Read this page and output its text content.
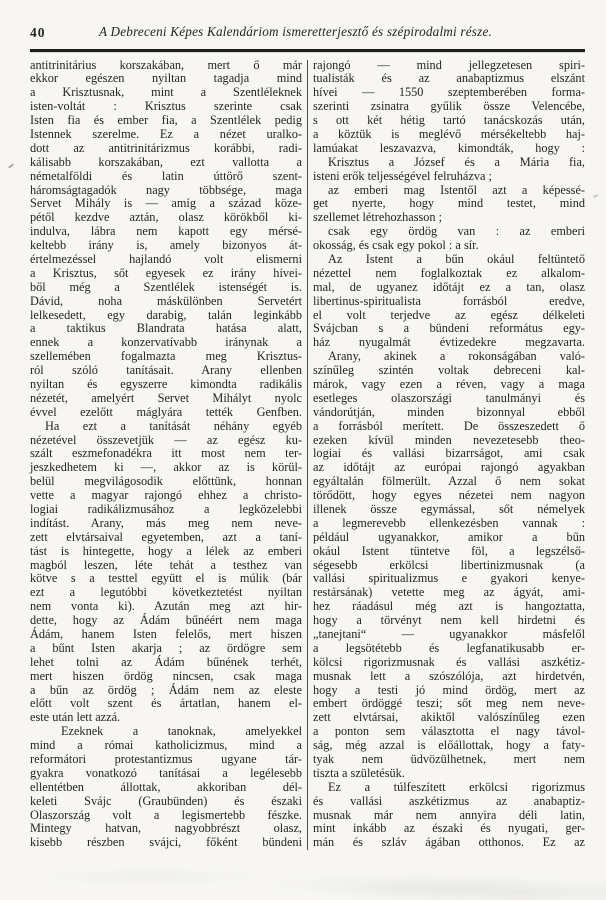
40	A Debreceni Képes Kalendáriom ismeretterjesztő és szépirodalmi része.
antitrinitárius korszakában, mert ő már
ekkor egészen nyiltan tagadja mind
a Krisztusnak, mint a Szentléleknek
isten-voltát : Krisztus szerinte csak
Isten fia és ember fia, a Szentlélek pedig
Istennek szerelme. Ez a nézet uralko-
dott az antitrinitárizmus korábbi, radi-
kálisabb korszakában, ezt vallotta a
németalföldi és latin úttörő szent-
háromságtagadók nagy többsége, maga
Servet Mihály is — amíg a század köze-
pétől kezdve aztán, olasz körökből ki-
indulva, lábra nem kapott egy mérsé-
keltebb irány is, amely bizonyos át-
értelmezéssel hajlandó volt elismerni
a Krisztus, sőt egyesek ez irány hívei-
ből még a Szentlélek istenségét is.
Dávid, noha máskülönben Servetért
lelkesedett, egy darabig, talán leginkább
a taktikus Blandrata hatása alatt,
ennek a konzervatívabb iránynak a
szellemében fogalmazta meg Krisztus-
ról szóló tanításait. Arany ellenben
nyiltan és egyszerre kimondta radikális
nézetét, amelyért Servet Mihályt nyolc
évvel ezelőtt máglyára tették Genfben.
Ha ezt a tanítását néhány egyéb
nézetével összevetjük — az egész ku-
szált eszmefonadékra itt most nem ter-
jeszkedhetem ki —, akkor az is körül-
belül megvilágosodik előttünk, honnan
vette a magyar rajongó ehhez a christo-
logiai radikálizmusához a legközelebbi
indítást. Arany, más meg nem neve-
zett elvtársaival egyetemben, azt a taní-
tást is hintegette, hogy a lélek az emberi
magból leszen, léte tehát a testhez van
kötve s a testtel együtt el is múlik (bár
ezt a legutóbbi következtetést nyiltan
nem vonta ki). Azután meg azt hir-
dette, hogy az Ádám bűnéért nem maga
Ádám, hanem Isten felelős, mert hiszen
a bűnt Isten akarja ; az ördögre sem
lehet tolni az Ádám bűnének terhét,
mert hiszen ördög nincsen, csak maga
a bűn az ördög ; Ádám nem az eleste
előtt volt szent és ártatlan, hanem el-
este után lett azzá.
Ezeknek a tanoknak, amelyekkel
mind a római katholicizmus, mind a
reformátori protestantizmus ugyane tár-
gyakra vonatkozó tanításai a legélesebb
ellentétben állottak, akkoriban dél-
keleti Svájc (Graubünden) és északi
Olaszország volt a legismertebb fészke.
Mintegy hatvan, nagyobbrészt olasz,
kisebb részben svájci, főként bündeni
rajongó — mind jellegzetesen spiri-
tualisták és az anabaptizmus elszánt
hívei — 1550 szeptemberében forma-
szerinti zsinatra gyűlik össze Velencébe,
s ott két hétig tartó tanácskozás után,
a köztük is meglévő mérsékeltebb haj-
lamúakat leszavazva, kimondták, hogy :
Krisztus a József és a Mária fia,
isteni erők teljességével felruházva ;
az emberi mag Istentől azt a képessé-
get nyerte, hogy mind testet, mind
szellemet létrehozhasson ;
csak egy ördög van : az emberi
okosság, és csak egy pokol : a sír.
Az Istent a bűn okául feltüntető
nézettel nem foglalkoztak ez alkalom-
mal, de ugyanez időtájt ez a tan, olasz
libertinus-spiritualista forrásból eredve,
el volt terjedve az egész délkeleti
Svájcban s a bündeni református egy-
ház nyugalmát évtizedekre megzavarta.
Arany, akinek a rokonságában való-
színűleg szintén voltak debreceni kal-
márok, vagy ezen a réven, vagy a maga
esetleges olaszországi tanulmányi és
vándorútján, minden bizonnyal ebből
a forrásból merített. De összeszedett ő
ezeken kívül minden nevezetesebb theo-
logiai és vallási bizarrságot, ami csak
az időtájt az európai rajongó agyakban
egyáltalán fölmerült. Azzal ő nem sokat
törődött, hogy egyes nézetei nem nagyon
illenek össze egymással, sőt némelyek
a legmerevebb ellenkezésben vannak :
például ugyanakkor, amikor a bűn
okául Istent tüntetve föl, a legszélső-
ségesebb erkölcsi libertinizmusnak (a
vallási spiritualizmus e gyakori kenye-
restársának) vetette meg az ágyát, ami-
hez ráadásul még azt is hangoztatta,
hogy a törvényt nem kell hirdetni és
„tanejtani“ — ugyanakkor másfelől
a legsötétebb és legfanatikusabb er-
kölcsi rigorizmusnak és vallási aszkétiz-
musnak lett a szószólója, azt hirdetvén,
hogy a testi jó mind ördög, mert az
embert ördöggé teszi; sőt meg nem neve-
zett elvtársai, akiktől valószínűleg ezen
a ponton sem választotta el nagy távol-
ság, még azzal is előállottak, hogy a faty-
tyak nem üdvözülhetnek, mert nem
tiszta a születésük.
Ez a túlfeszített erkölcsi rigorizmus
és vallási aszkétizmus az anabaptiz-
musnak már nem annyira déli latin,
mint inkább az északi és nyugati, ger-
mán és szláv ágában otthonos. Ez az
